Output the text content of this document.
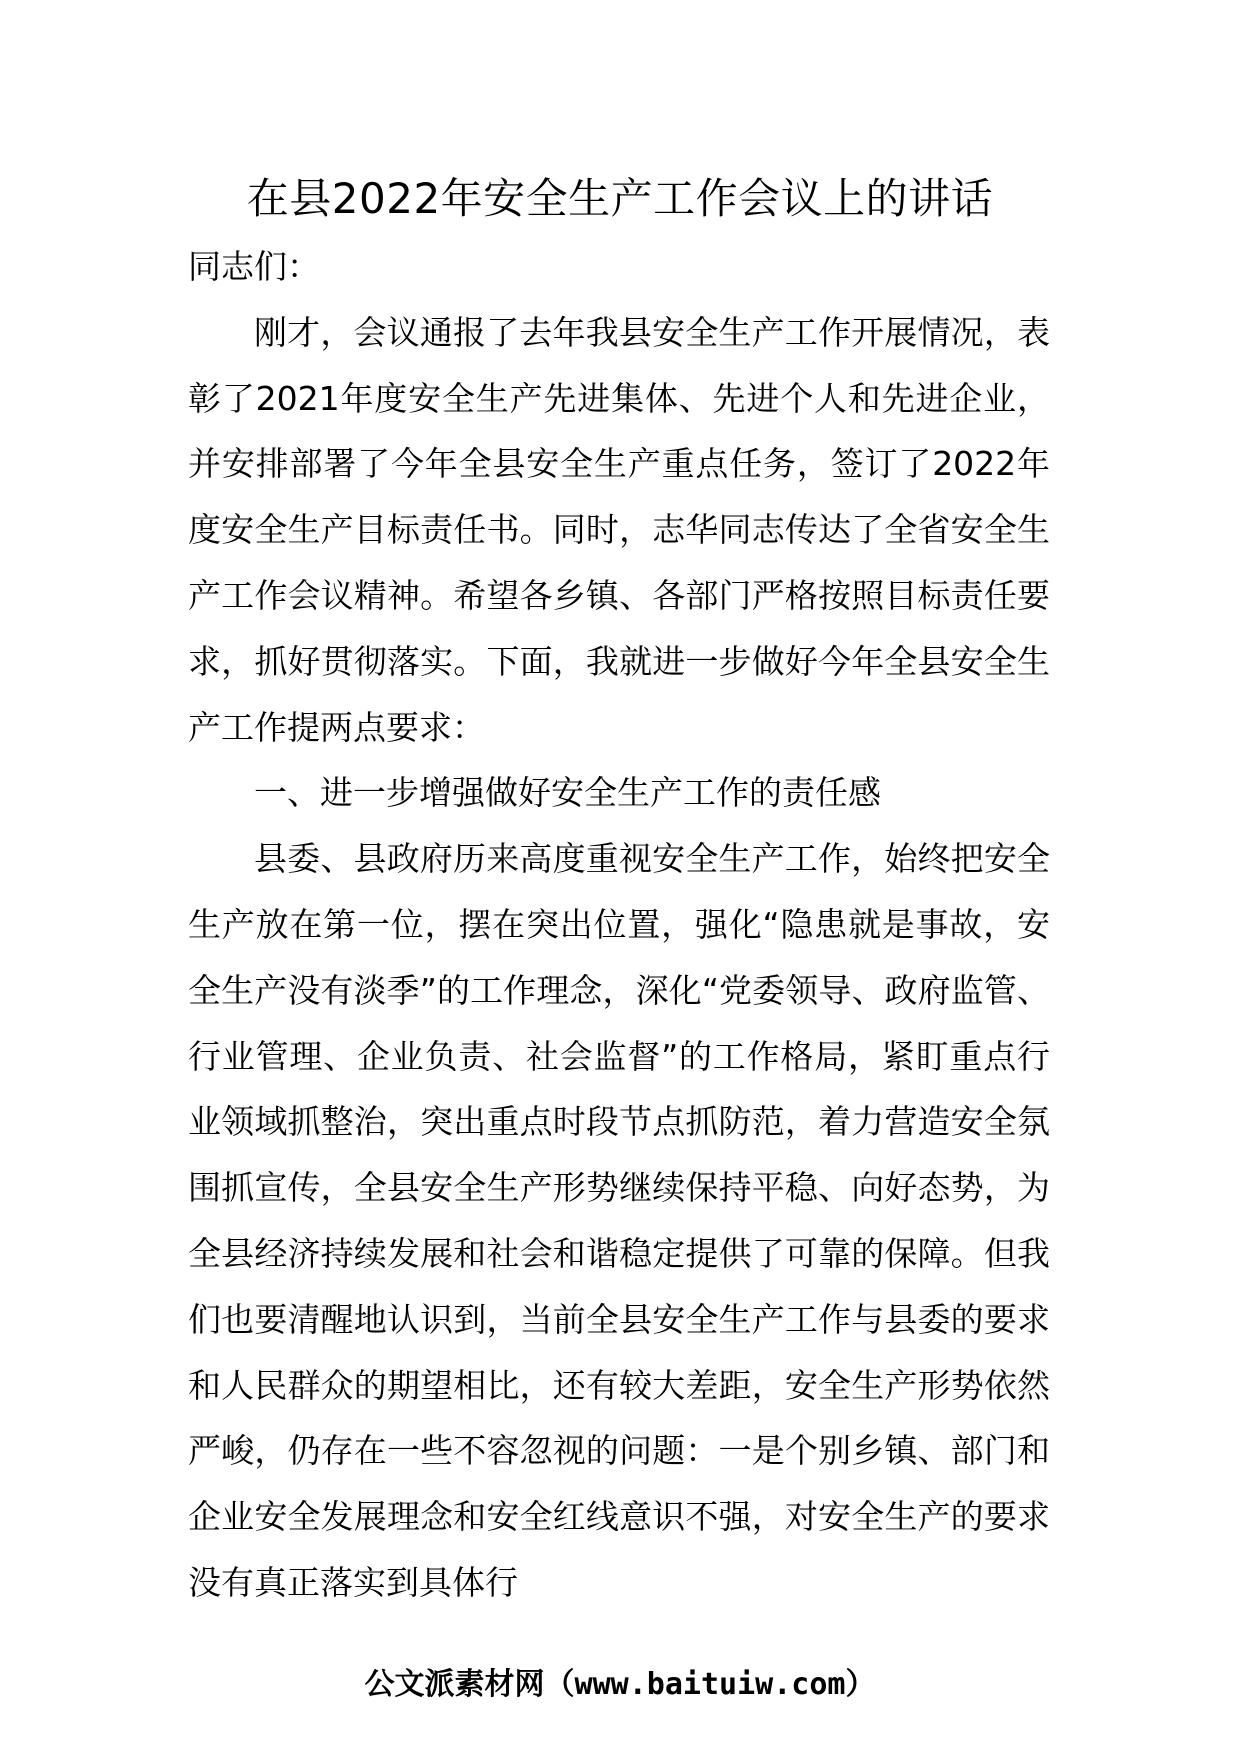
在县2022年安全生产工作会议上的讲话

同志们：

刚才，会议通报了去年我县安全生产工作开展情况，表彰了2021年度安全生产先进集体、先进个人和先进企业，并安排部署了今年全县安全生产重点任务，签订了2022年度安全生产目标责任书。同时，志华同志传达了全省安全生产工作会议精神。希望各乡镇、各部门严格按照目标责任要求，抓好贯彻落实。下面，我就进一步做好今年全县安全生产工作提两点要求：

一、进一步增强做好安全生产工作的责任感

县委、县政府历来高度重视安全生产工作，始终把安全生产放在第一位，摆在突出位置，强化“隐患就是事故，安全生产没有淡季”的工作理念，深化“党委领导、政府监管、行业管理、企业负责、社会监督”的工作格局，紧盯重点行业领域抓整治，突出重点时段节点抓防范，着力营造安全氛围抓宣传，全县安全生产形势继续保持平稳、向好态势，为全县经济持续发展和社会和谐稳定提供了可靠的保障。但我们也要清醒地认识到，当前全县安全生产工作与县委的要求和人民群众的期望相比，还有较大差距，安全生产形势依然严峻，仍存在一些不容忽视的问题：一是个别乡镇、部门和企业安全发展理念和安全红线意识不强，对安全生产的要求没有真正落实到具体行

公文派素材网（www.baituiw.com）
